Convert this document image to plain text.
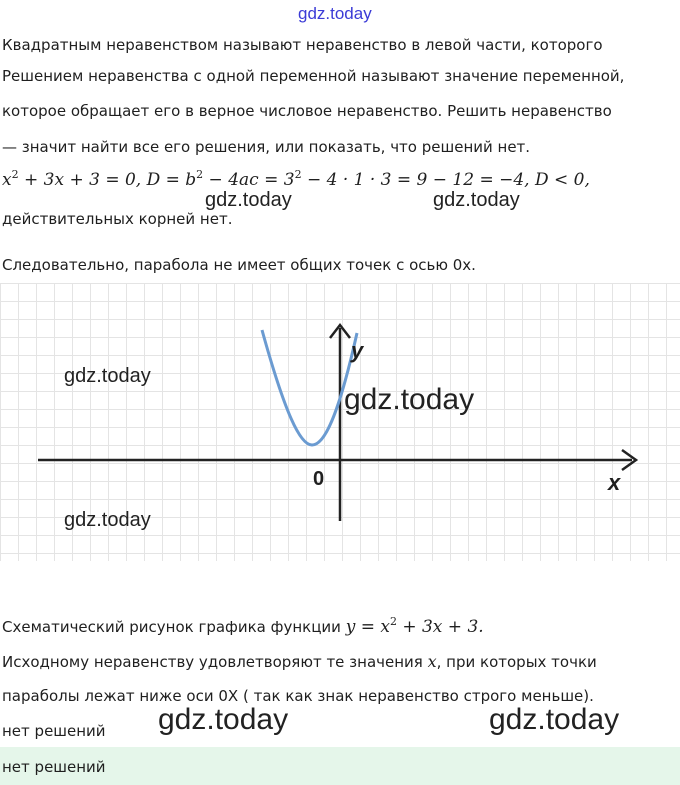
gdz.today
Квадратным неравенством называют неравенство в левой части, которого
Решением неравенства с одной переменной называют значение переменной,
которое обращает его в верное числовое неравенство. Решить неравенство
— значит найти все его решения, или показать, что решений нет.
$x^2 + 3x + 3 = 0$, $D = b^2 - 4ac = 3^2 - 4 \cdot 1 \cdot 3 = 9 - 12 = -4$, D < 0,
gdz.today	gdz.today
действительных корней нет.
Следовательно, парабола не имеет общих точек с осью 0х.
y
x
0
gdz.today
gdz.today
gdz.today
Схематический рисунок графика функции $y = x^2 + 3x + 3$.
Исходному неравенству удовлетворяют те значения x, при которых точки
параболы лежат ниже оси 0X ( так как знак неравенство строго меньше).
нет решений gdz.today	gdz.today
нет решений
